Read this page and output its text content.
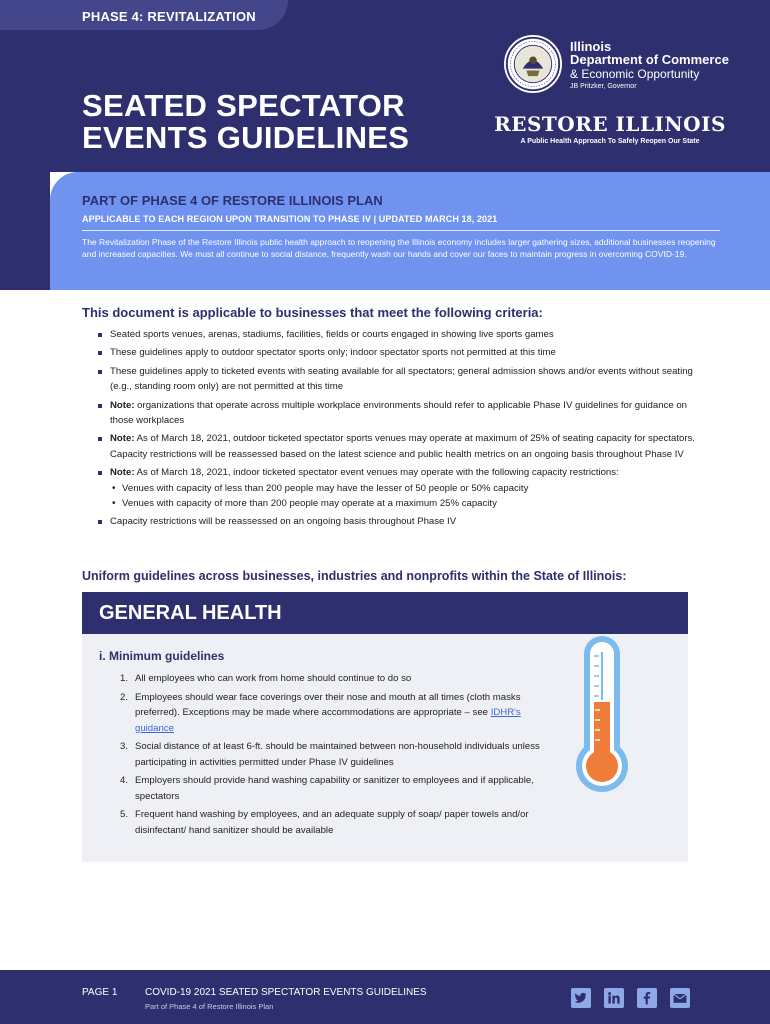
PHASE 4: REVITALIZATION
SEATED SPECTATOR
EVENTS GUIDELINES
Illinois
Department of Commerce
& Economic Opportunity
JB Pritzker, Governor
RESTORE ILLINOIS
A Public Health Approach To Safely Reopen Our State
PART OF PHASE 4 OF RESTORE ILLINOIS PLAN
APPLICABLE TO EACH REGION UPON TRANSITION TO PHASE IV | UPDATED MARCH 18, 2021
The Revitalization Phase of the Restore Illinois public health approach to reopening the Illinois economy includes larger gathering sizes, additional businesses reopening and increased capacities. We must all continue to social distance, frequently wash our hands and cover our faces to maintain progress in overcoming COVID-19.
This document is applicable to businesses that meet the following criteria:
Seated sports venues, arenas, stadiums, facilities, fields or courts engaged in showing live sports games
These guidelines apply to outdoor spectator sports only; indoor spectator sports not permitted at this time
These guidelines apply to ticketed events with seating available for all spectators; general admission shows and/or events without seating (e.g., standing room only) are not permitted at this time
Note: organizations that operate across multiple workplace environments should refer to applicable Phase IV guidelines for guidance on those workplaces
Note: As of March 18, 2021, outdoor ticketed spectator sports venues may operate at maximum of 25% of seating capacity for spectators. Capacity restrictions will be reassessed based on the latest science and public health metrics on an ongoing basis throughout Phase IV
Note: As of March 18, 2021, indoor ticketed spectator event venues may operate with the following capacity restrictions:
• Venues with capacity of less than 200 people may have the lesser of 50 people or 50% capacity
• Venues with capacity of more than 200 people may operate at a maximum 25% capacity
Capacity restrictions will be reassessed on an ongoing basis throughout Phase IV
Uniform guidelines across businesses, industries and nonprofits within the State of Illinois:
GENERAL HEALTH
i. Minimum guidelines
1. All employees who can work from home should continue to do so
2. Employees should wear face coverings over their nose and mouth at all times (cloth masks preferred). Exceptions may be made where accommodations are appropriate – see IDHR's guidance
3. Social distance of at least 6-ft. should be maintained between non-household individuals unless participating in activities permitted under Phase IV guidelines
4. Employers should provide hand washing capability or sanitizer to employees and if applicable, spectators
5. Frequent hand washing by employees, and an adequate supply of soap/ paper towels and/or disinfectant/ hand sanitizer should be available
PAGE 1	COVID-19 2021 SEATED SPECTATOR EVENTS GUIDELINES
Part of Phase 4 of Restore Illinois Plan
